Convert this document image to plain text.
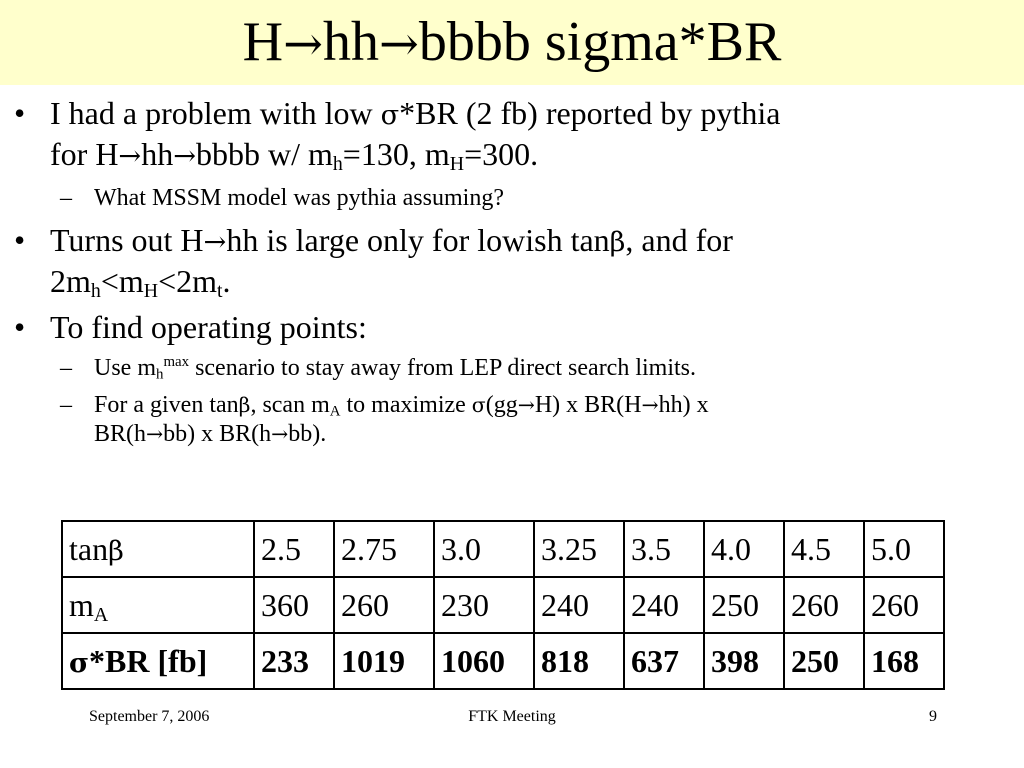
H→hh→bbbb sigma*BR
• I had a problem with low σ*BR (2 fb) reported by pythia
for H→hh→bbbb w/ $m_h=130$, $m_H=300$.
– What MSSM model was pythia assuming?
• Turns out H→hh is large only for lowish tanβ, and for
$2m_h<m_H<2m_t$.
• To find operating points:
– Use $m_h^{max}$ scenario to stay away from LEP direct search limits.
– For a given tanβ, scan $m_A$ to maximize σ(gg→H) x BR(H→hh) x
BR(h→bb) x BR(h→bb).
tanβ	2.5	2.75	3.0	3.25	3.5	4.0	4.5	5.0
$m_A$	360	260	230	240	240	250	260	260
σ*BR [fb]	233	1019	1060	818	637	398	250	168
September 7, 2006	FTK Meeting	9
